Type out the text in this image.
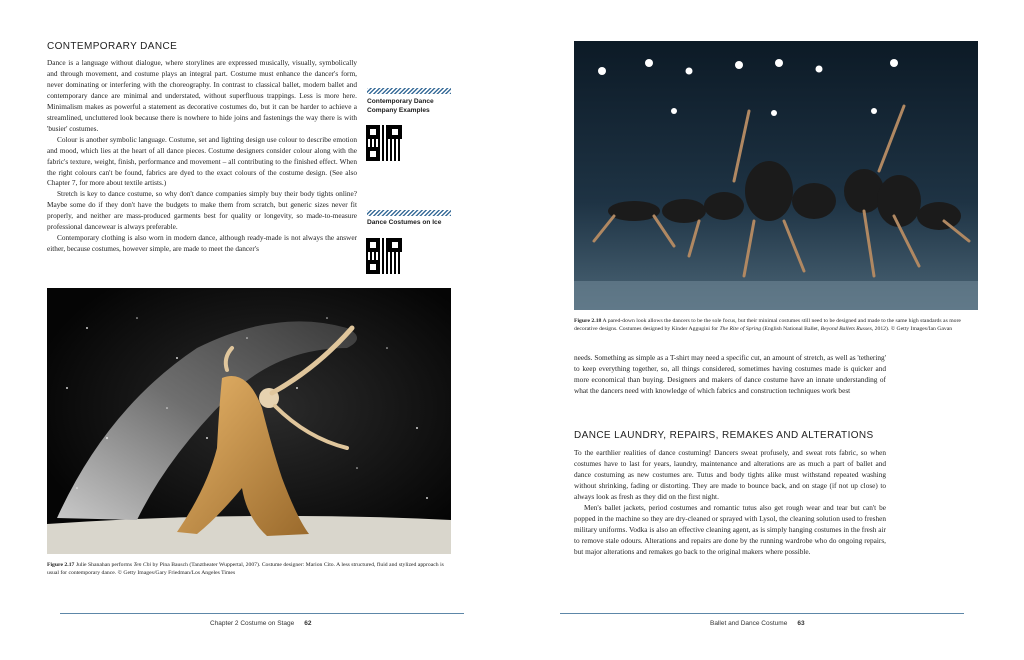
CONTEMPORARY DANCE

Dance is a language without dialogue, where storylines are expressed musically, visually, symbolically and through movement, and costume plays an integral part. Costume must enhance the dancer's form, never dominating or interfering with the choreography. In contrast to classical ballet, modern ballet and contemporary dance are minimal and understated, without superfluous trappings. Less is more here. Minimalism makes as powerful a statement as decorative costumes do, but it can be harder to achieve a streamlined, uncluttered look because there is nowhere to hide joins and fastenings the way there is with 'busier' costumes.

Colour is another symbolic language. Costume, set and lighting design use colour to describe emotion and mood, which lies at the heart of all dance pieces. Costume designers consider colour along with the fabric's texture, weight, finish, performance and movement – all contributing to the finished effect. When the right colours can't be found, fabrics are dyed to the exact colours of the costume design. (See also Chapter 7, for more about textile artists.)

Stretch is key to dance costume, so why don't dance companies simply buy their body tights online? Maybe some do if they don't have the budgets to make them from scratch, but generic sizes never fit properly, and neither are mass-produced garments best for quality or longevity, so made-to-measure professional dancewear is always preferable.

Contemporary clothing is also worn in modern dance, although ready-made is not always the answer either, because costumes, however simple, are made to meet the dancer's

Contemporary Dance Company Examples
Dance Costumes on Ice
Figure 2.17 Julie Shanahan performs Ten Chi by Pina Bausch (Tanztheater Wuppertal, 2007). Costume designer: Marion Cito. A less structured, fluid and stylized approach is usual for contemporary dance. © Getty Images/Gary Friedman/Los Angeles Times
Chapter 2 Costume on Stage 62
Figure 2.18 A pared-down look allows the dancers to be the sole focus, but their minimal costumes still need to be designed and made to the same high standards as more decorative designs. Costumes designed by Kinder Aggugini for The Rite of Spring (English National Ballet, Beyond Ballets Russes, 2012). © Getty Images/Ian Gavan

needs. Something as simple as a T-shirt may need a specific cut, an amount of stretch, as well as 'tethering' to keep everything together, so, all things considered, sometimes having costumes made is quicker and more economical than buying. Designers and makers of dance costume have an innate understanding of what the dancers need with knowledge of which fabrics and construction techniques work best

DANCE LAUNDRY, REPAIRS, REMAKES AND ALTERATIONS

To the earthlier realities of dance costuming! Dancers sweat profusely, and sweat rots fabric, so when costumes have to last for years, laundry, maintenance and alterations are as much a part of ballet and dance costuming as new costumes are. Tutus and body tights alike must withstand repeated washing without shrinking, fading or distorting. They are made to bounce back, and on stage (if not up close) to always look as fresh as they did on the first night.

Men's ballet jackets, period costumes and romantic tutus also get rough wear and tear but can't be popped in the machine so they are dry-cleaned or sprayed with Lysol, the cleaning solution used to freshen military uniforms. Vodka is also an effective cleaning agent, as is simply hanging costumes in the fresh air to remove stale odours. Alterations and repairs are done by the running wardrobe who do ongoing repairs, but major alterations and remakes go back to the original makers where possible.

Ballet and Dance Costume 63
